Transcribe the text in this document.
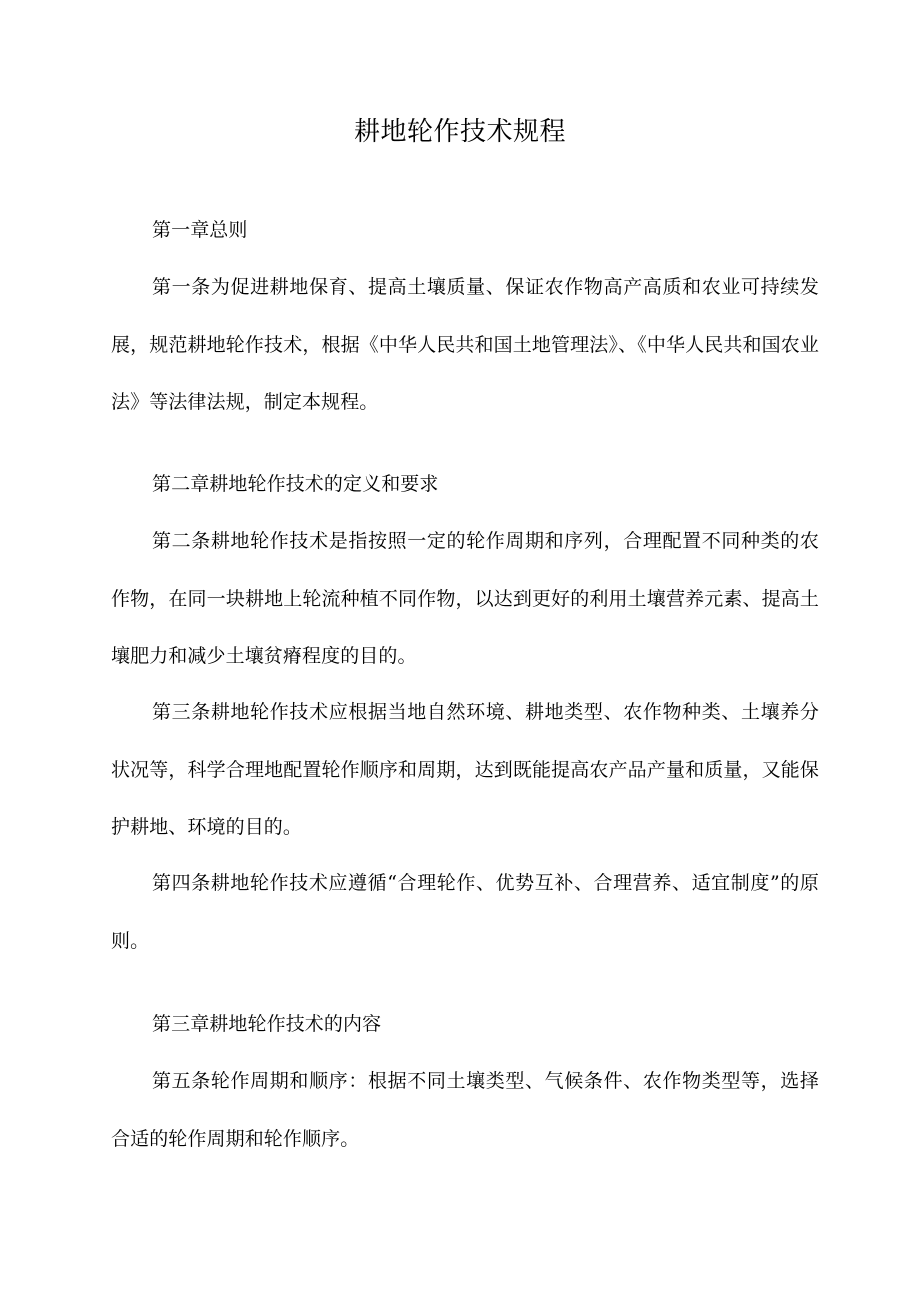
耕地轮作技术规程

第一章总则

第一条为促进耕地保育、提高土壤质量、保证农作物高产高质和农业可持续发展，规范耕地轮作技术，根据《中华人民共和国土地管理法》、《中华人民共和国农业法》等法律法规，制定本规程。

第二章耕地轮作技术的定义和要求

第二条耕地轮作技术是指按照一定的轮作周期和序列，合理配置不同种类的农作物，在同一块耕地上轮流种植不同作物，以达到更好的利用土壤营养元素、提高土壤肥力和减少土壤贫瘠程度的目的。

第三条耕地轮作技术应根据当地自然环境、耕地类型、农作物种类、土壤养分状况等，科学合理地配置轮作顺序和周期，达到既能提高农产品产量和质量，又能保护耕地、环境的目的。

第四条耕地轮作技术应遵循“合理轮作、优势互补、合理营养、适宜制度”的原则。

第三章耕地轮作技术的内容

第五条轮作周期和顺序：根据不同土壤类型、气候条件、农作物类型等，选择合适的轮作周期和轮作顺序。
